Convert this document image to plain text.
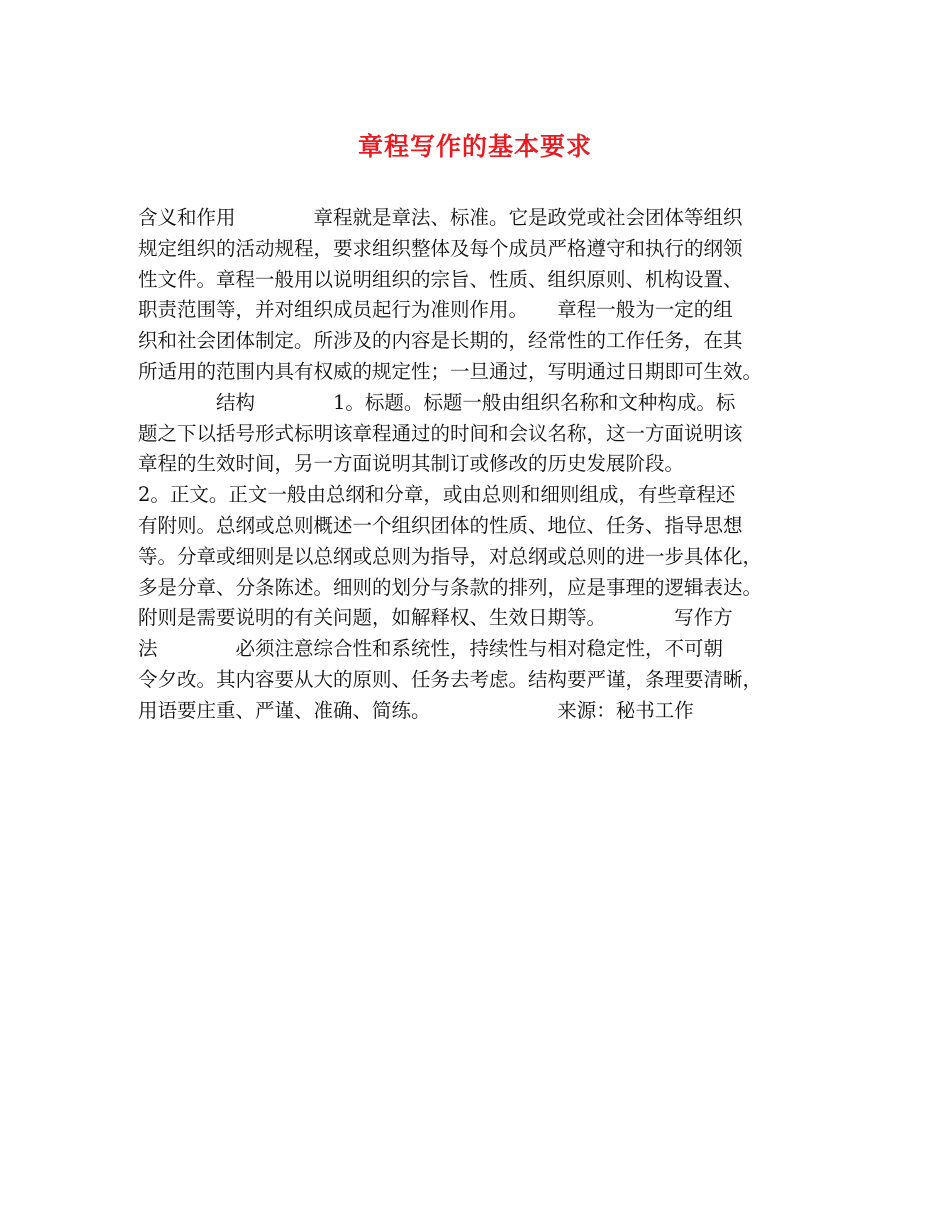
章程写作的基本要求
含义和作用　　　　章程就是章法、标准。它是政党或社会团体等组织
规定组织的活动规程，要求组织整体及每个成员严格遵守和执行的纲领
性文件。章程一般用以说明组织的宗旨、性质、组织原则、机构设置、
职责范围等，并对组织成员起行为准则作用。　　章程一般为一定的组
织和社会团体制定。所涉及的内容是长期的，经常性的工作任务，在其
所适用的范围内具有权威的规定性；一旦通过，写明通过日期即可生效。
　　　　结构　　　　1。标题。标题一般由组织名称和文种构成。标
题之下以括号形式标明该章程通过的时间和会议名称，这一方面说明该
章程的生效时间，另一方面说明其制订或修改的历史发展阶段。
2。正文。正文一般由总纲和分章，或由总则和细则组成，有些章程还
有附则。总纲或总则概述一个组织团体的性质、地位、任务、指导思想
等。分章或细则是以总纲或总则为指导，对总纲或总则的进一步具体化，
多是分章、分条陈述。细则的划分与条款的排列，应是事理的逻辑表达。
附则是需要说明的有关问题，如解释权、生效日期等。　　　　写作方
法　　　　必须注意综合性和系统性，持续性与相对稳定性，不可朝
令夕改。其内容要从大的原则、任务去考虑。结构要严谨，条理要清晰，
用语要庄重、严谨、准确、简练。　　　　　　　来源：秘书工作
